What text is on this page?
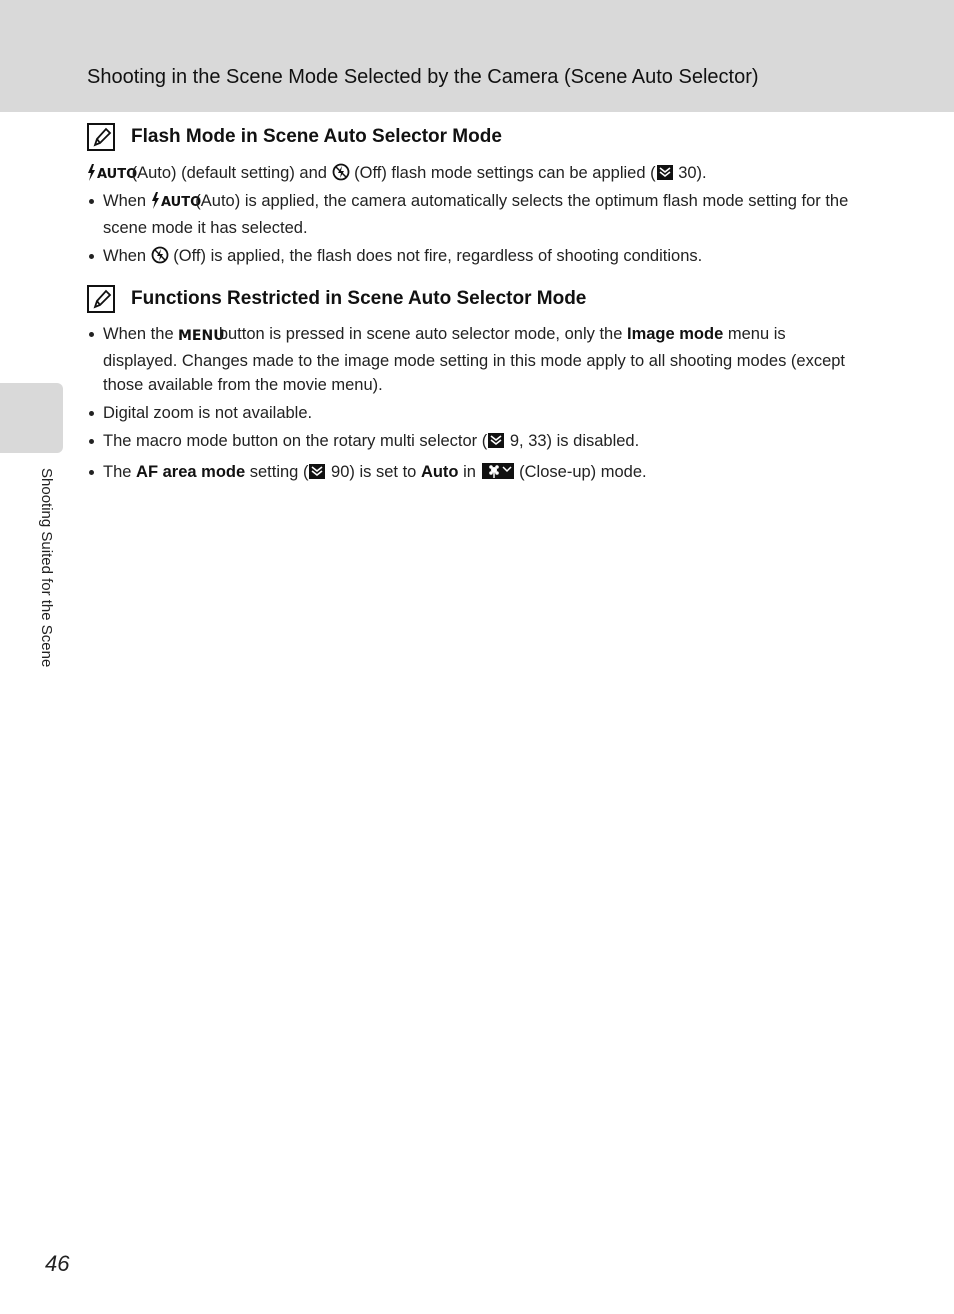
Shooting in the Scene Mode Selected by the Camera (Scene Auto Selector)
Shooting Suited for the Scene
Flash Mode in Scene Auto Selector Mode
AUTO
(Auto) (default setting) and (Off) flash mode settings can be applied ( 30).
When AUTO
(Auto) is applied, the camera automatically selects the optimum flash mode setting for the scene mode it has selected.
When (Off) is applied, the flash does not fire, regardless of shooting conditions.
Functions Restricted in Scene Auto Selector Mode
When the MENU
button is pressed in scene auto selector mode, only the Image mode menu is displayed. Changes made to the image mode setting in this mode apply to all shooting modes (except those available from the movie menu).
Digital zoom is not available.
The macro mode button on the rotary multi selector ( 9, 33) is disabled.
The AF area mode setting ( 90) is set to Auto in	(Close-up) mode.
46
